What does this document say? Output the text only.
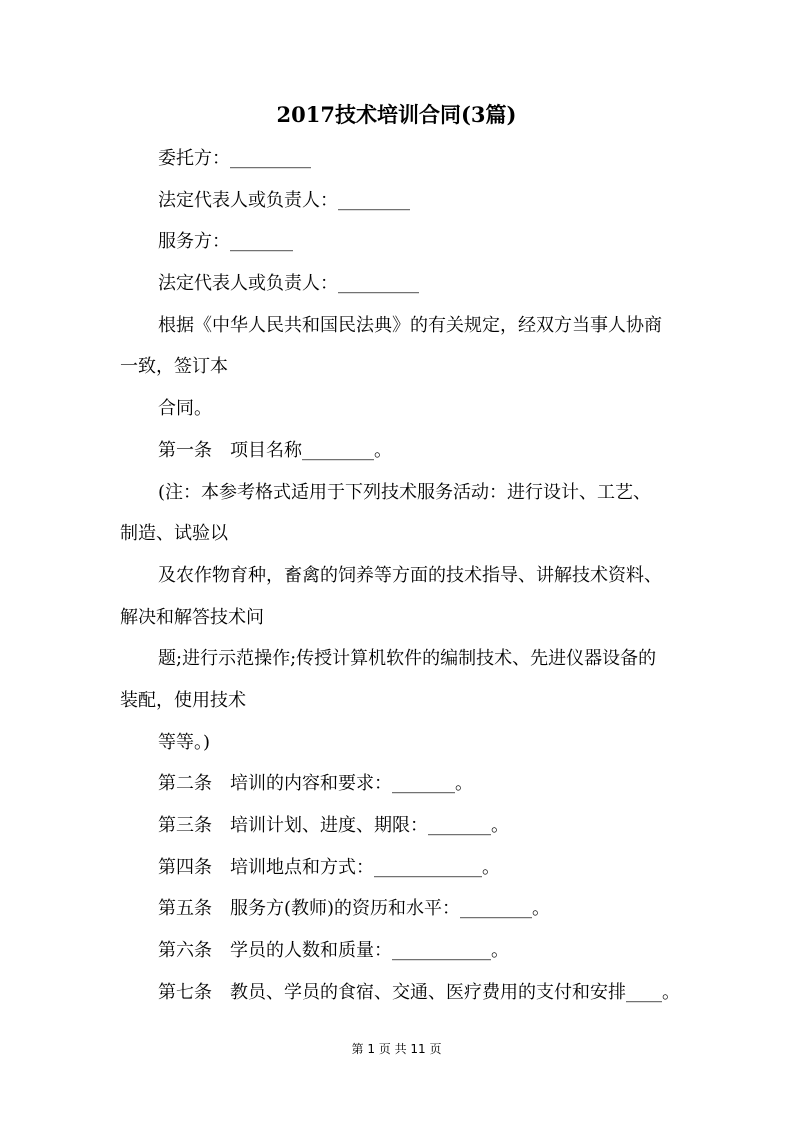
2017技术培训合同(3篇)

委托方：_________

法定代表人或负责人：________

服务方：_______

法定代表人或负责人：_________

根据《中华人民共和国民法典》的有关规定，经双方当事人协商

一致，签订本

合同。

第一条　项目名称________。

(注：本参考格式适用于下列技术服务活动：进行设计、工艺、

制造、试验以

及农作物育种，畜禽的饲养等方面的技术指导、讲解技术资料、

解决和解答技术问

题;进行示范操作;传授计算机软件的编制技术、先进仪器设备的

装配，使用技术

等等。)

第二条　培训的内容和要求：_______。

第三条　培训计划、进度、期限：_______。

第四条　培训地点和方式：____________。

第五条　服务方(教师)的资历和水平：________。

第六条　学员的人数和质量：___________。

第七条　教员、学员的食宿、交通、医疗费用的支付和安排____。

第 1 页 共 11 页
